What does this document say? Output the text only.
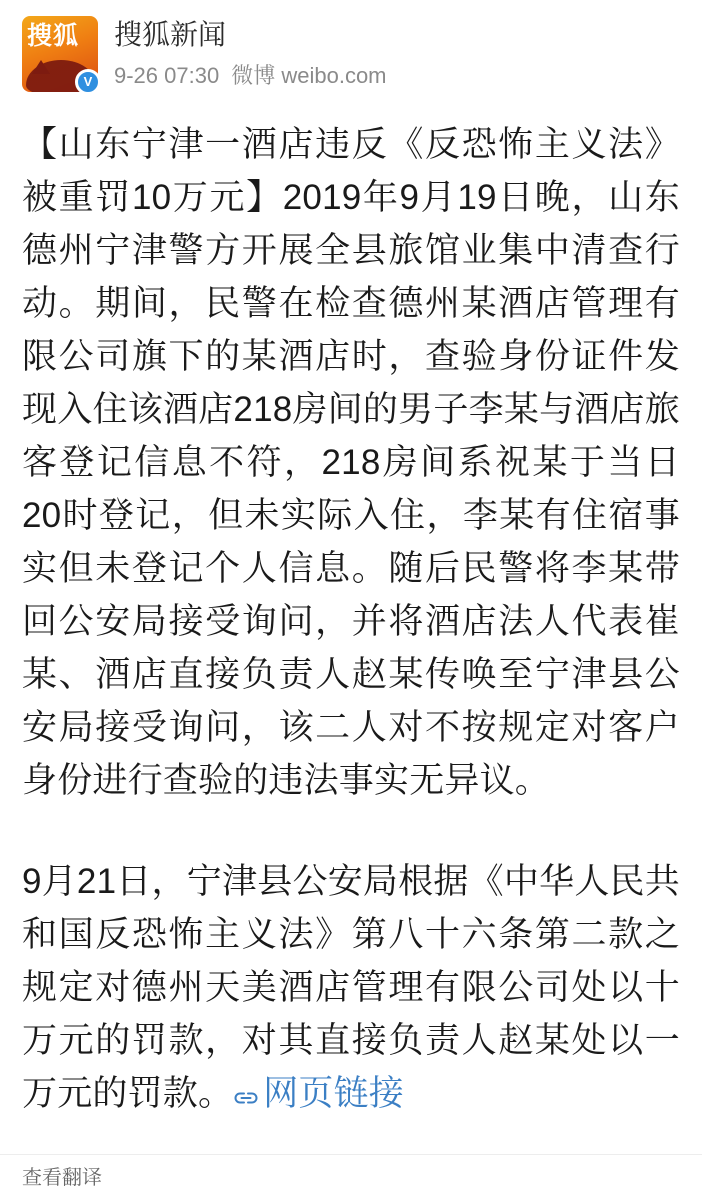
搜狐
V
搜狐新闻
9-26 07:30 微博 weibo.com

【山东宁津一酒店违反《反恐怖主义法》被重罚10万元】2019年9月19日晚，山东德州宁津警方开展全县旅馆业集中清查行动。期间，民警在检查德州某酒店管理有限公司旗下的某酒店时，查验身份证件发现入住该酒店218房间的男子李某与酒店旅客登记信息不符，218房间系祝某于当日20时登记，但未实际入住，李某有住宿事实但未登记个人信息。随后民警将李某带回公安局接受询问，并将酒店法人代表崔某、酒店直接负责人赵某传唤至宁津县公安局接受询问，该二人对不按规定对客户身份进行查验的违法事实无异议。

9月21日，宁津县公安局根据《中华人民共和国反恐怖主义法》第八十六条第二款之规定对德州天美酒店管理有限公司处以十万元的罚款，对其直接负责人赵某处以一万元的罚款。 网页链接

查看翻译
